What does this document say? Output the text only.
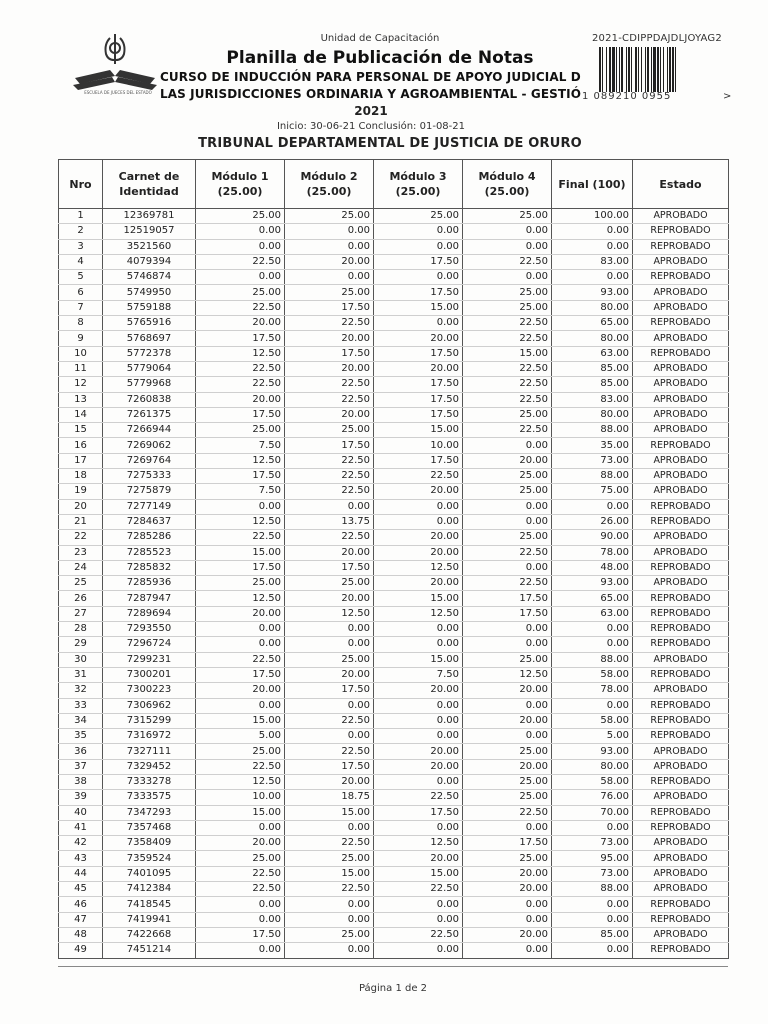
ESCUELA DE JUECES DEL ESTADO
Unidad de Capacitación
Planilla de Publicación de Notas
CURSO DE INDUCCIÓN PARA PERSONAL DE APOYO JUDICIAL D
LAS JURISDICCIONES ORDINARIA Y AGROAMBIENTAL - GESTIÓ
2021
Inicio: 30-06-21 Conclusión: 01-08-21
TRIBUNAL DEPARTAMENTAL DE JUSTICIA DE ORURO
2021-CDIPPDAJDLJOYAG2
1 089210 0955	>
Nro	Carnet de Identidad	Módulo 1 (25.00)	Módulo 2 (25.00)	Módulo 3 (25.00)	Módulo 4 (25.00)	Final (100)	Estado
1	12369781	25.00	25.00	25.00	25.00	100.00	APROBADO
2	12519057	0.00	0.00	0.00	0.00	0.00	REPROBADO
3	3521560	0.00	0.00	0.00	0.00	0.00	REPROBADO
4	4079394	22.50	20.00	17.50	22.50	83.00	APROBADO
5	5746874	0.00	0.00	0.00	0.00	0.00	REPROBADO
6	5749950	25.00	25.00	17.50	25.00	93.00	APROBADO
7	5759188	22.50	17.50	15.00	25.00	80.00	APROBADO
8	5765916	20.00	22.50	0.00	22.50	65.00	REPROBADO
9	5768697	17.50	20.00	20.00	22.50	80.00	APROBADO
10	5772378	12.50	17.50	17.50	15.00	63.00	REPROBADO
11	5779064	22.50	20.00	20.00	22.50	85.00	APROBADO
12	5779968	22.50	22.50	17.50	22.50	85.00	APROBADO
13	7260838	20.00	22.50	17.50	22.50	83.00	APROBADO
14	7261375	17.50	20.00	17.50	25.00	80.00	APROBADO
15	7266944	25.00	25.00	15.00	22.50	88.00	APROBADO
16	7269062	7.50	17.50	10.00	0.00	35.00	REPROBADO
17	7269764	12.50	22.50	17.50	20.00	73.00	APROBADO
18	7275333	17.50	22.50	22.50	25.00	88.00	APROBADO
19	7275879	7.50	22.50	20.00	25.00	75.00	APROBADO
20	7277149	0.00	0.00	0.00	0.00	0.00	REPROBADO
21	7284637	12.50	13.75	0.00	0.00	26.00	REPROBADO
22	7285286	22.50	22.50	20.00	25.00	90.00	APROBADO
23	7285523	15.00	20.00	20.00	22.50	78.00	APROBADO
24	7285832	17.50	17.50	12.50	0.00	48.00	REPROBADO
25	7285936	25.00	25.00	20.00	22.50	93.00	APROBADO
26	7287947	12.50	20.00	15.00	17.50	65.00	REPROBADO
27	7289694	20.00	12.50	12.50	17.50	63.00	REPROBADO
28	7293550	0.00	0.00	0.00	0.00	0.00	REPROBADO
29	7296724	0.00	0.00	0.00	0.00	0.00	REPROBADO
30	7299231	22.50	25.00	15.00	25.00	88.00	APROBADO
31	7300201	17.50	20.00	7.50	12.50	58.00	REPROBADO
32	7300223	20.00	17.50	20.00	20.00	78.00	APROBADO
33	7306962	0.00	0.00	0.00	0.00	0.00	REPROBADO
34	7315299	15.00	22.50	0.00	20.00	58.00	REPROBADO
35	7316972	5.00	0.00	0.00	0.00	5.00	REPROBADO
36	7327111	25.00	22.50	20.00	25.00	93.00	APROBADO
37	7329452	22.50	17.50	20.00	20.00	80.00	APROBADO
38	7333278	12.50	20.00	0.00	25.00	58.00	REPROBADO
39	7333575	10.00	18.75	22.50	25.00	76.00	APROBADO
40	7347293	15.00	15.00	17.50	22.50	70.00	REPROBADO
41	7357468	0.00	0.00	0.00	0.00	0.00	REPROBADO
42	7358409	20.00	22.50	12.50	17.50	73.00	APROBADO
43	7359524	25.00	25.00	20.00	25.00	95.00	APROBADO
44	7401095	22.50	15.00	15.00	20.00	73.00	APROBADO
45	7412384	22.50	22.50	22.50	20.00	88.00	APROBADO
46	7418545	0.00	0.00	0.00	0.00	0.00	REPROBADO
47	7419941	0.00	0.00	0.00	0.00	0.00	REPROBADO
48	7422668	17.50	25.00	22.50	20.00	85.00	APROBADO
49	7451214	0.00	0.00	0.00	0.00	0.00	REPROBADO
Página 1 de 2
